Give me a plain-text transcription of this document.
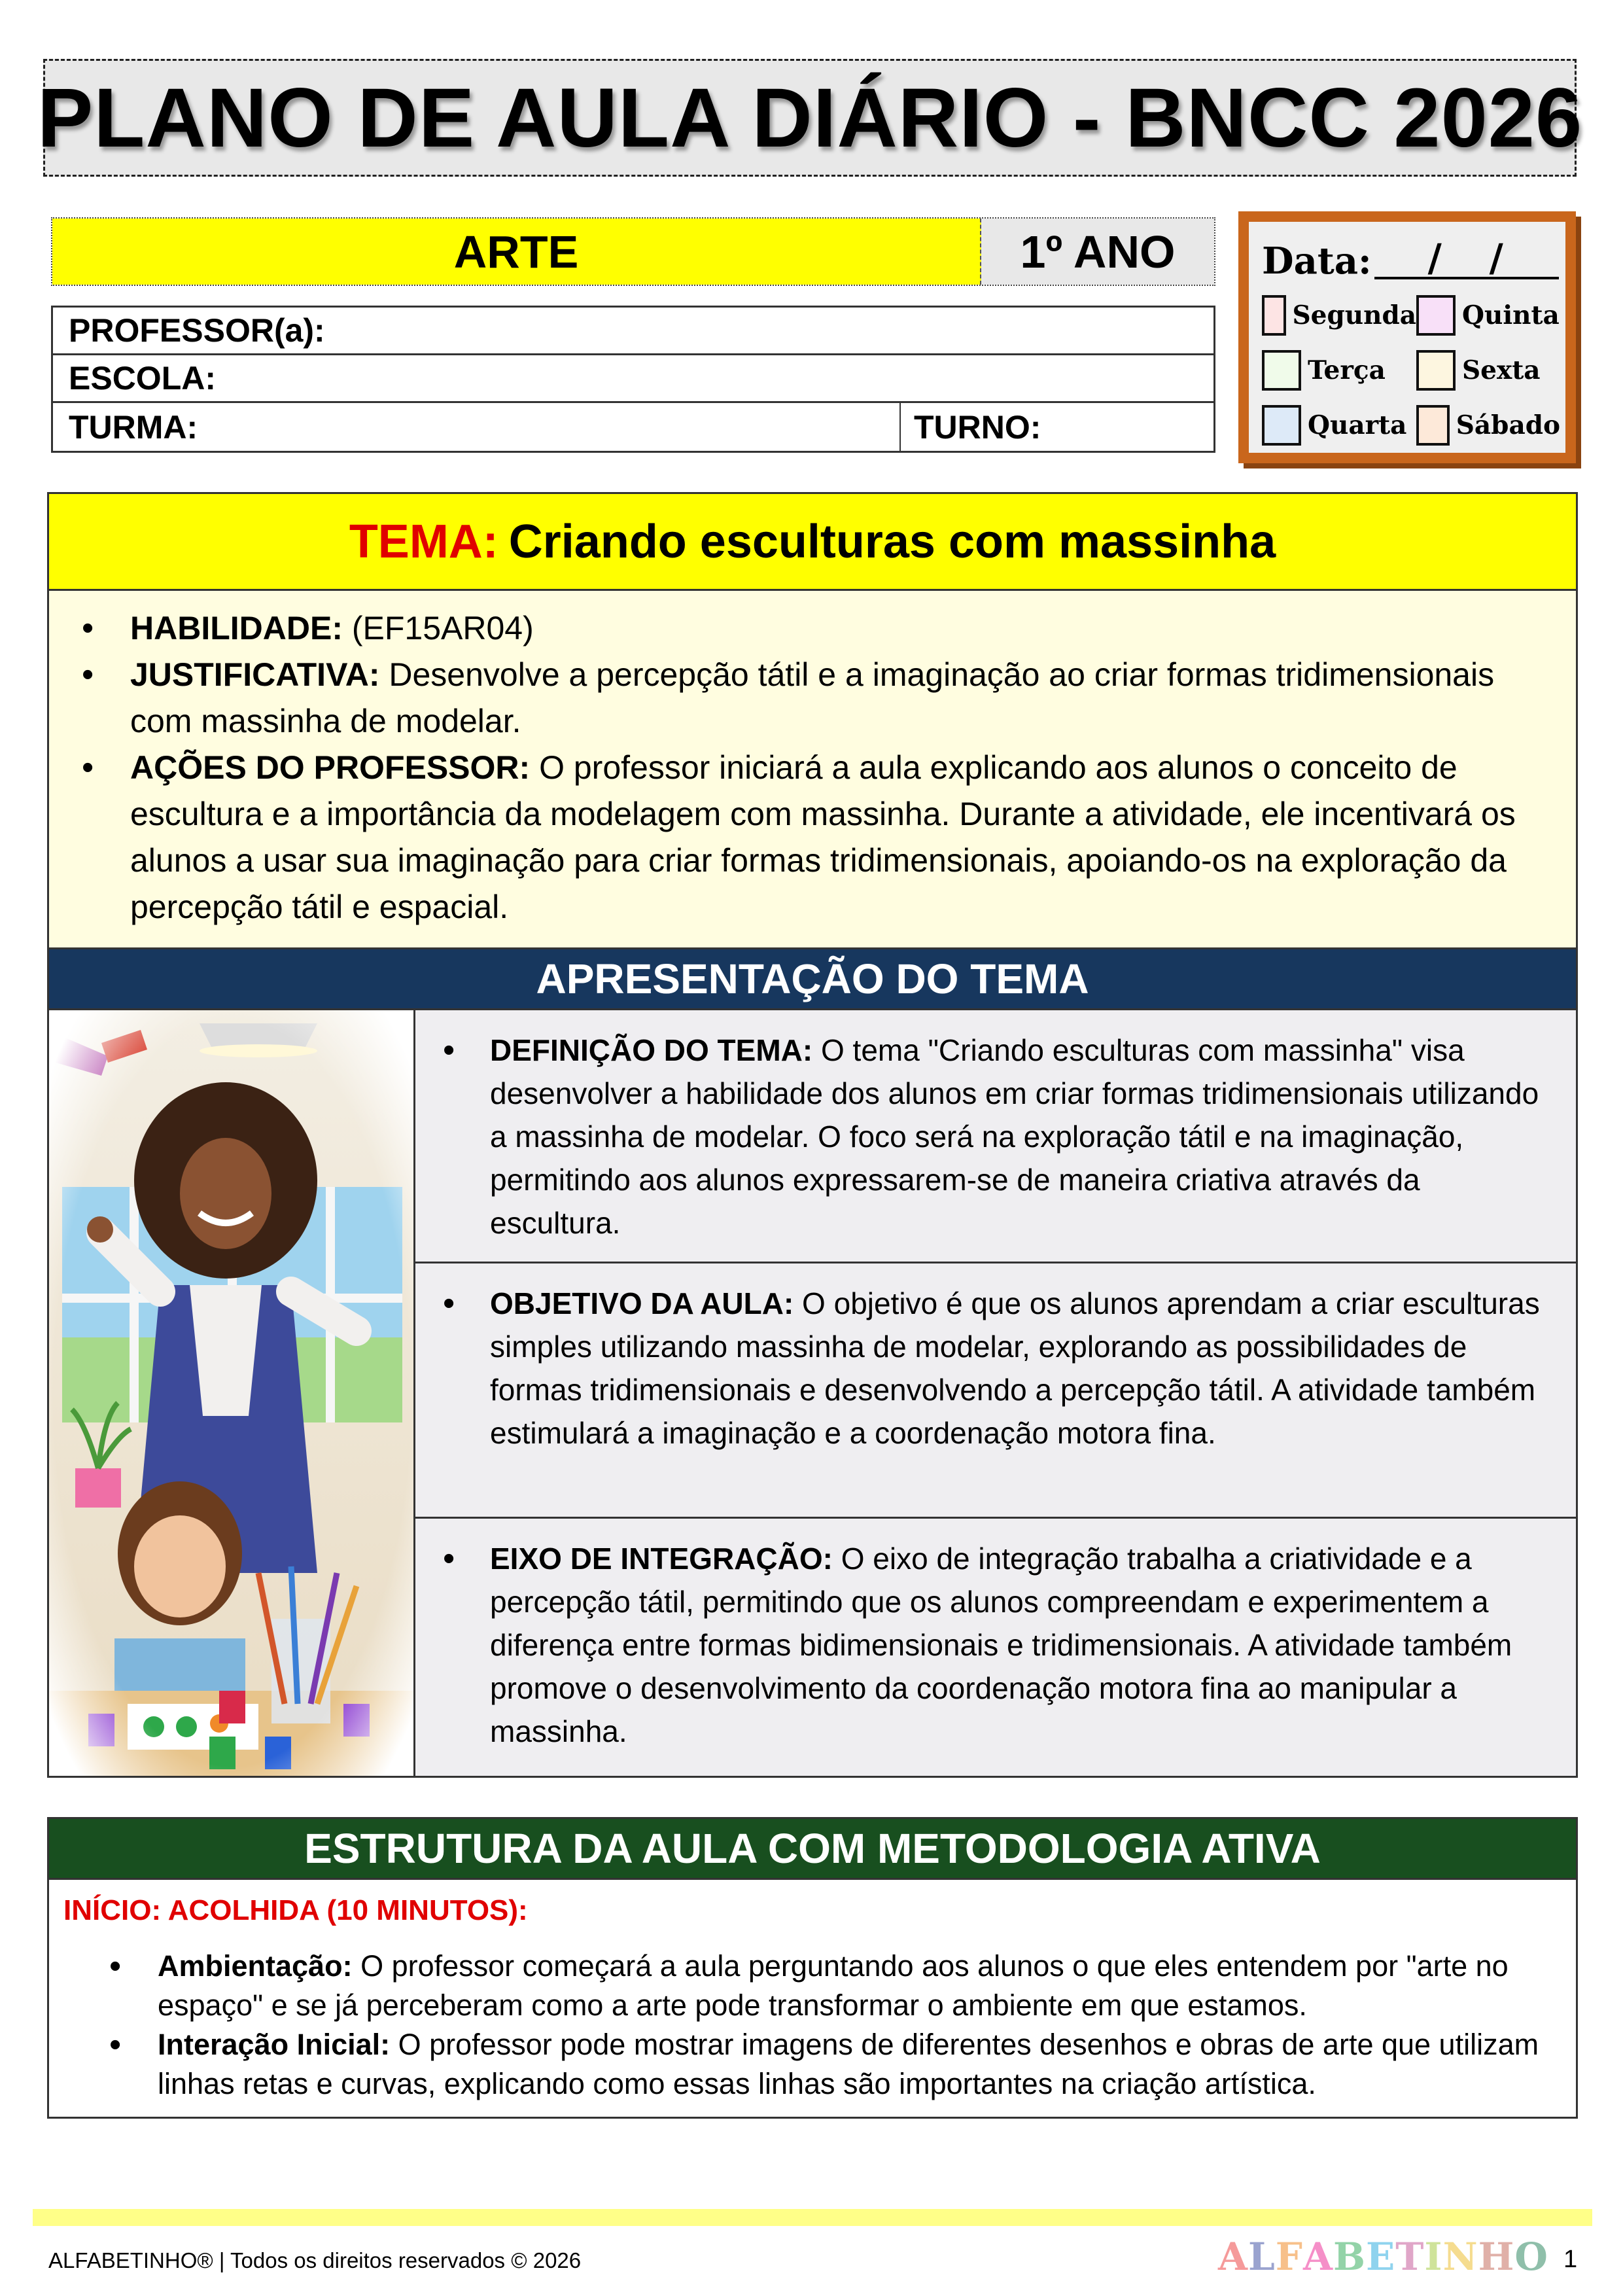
PLANO DE AULA DIÁRIO - BNCC 2026
ARTE	1º ANO
PROFESSOR(a):
ESCOLA:
TURMA:	TURNO:
Data: / /
Segunda Quinta
Terça	Sexta
Quarta Sábado
TEMA: Criando esculturas com massinha
• HABILIDADE: (EF15AR04)
• JUSTIFICATIVA: Desenvolve a percepção tátil e a imaginação ao criar formas tridimensionais com massinha de modelar.
• AÇÕES DO PROFESSOR: O professor iniciará a aula explicando aos alunos o conceito de escultura e a importância da modelagem com massinha. Durante a atividade, ele incentivará os alunos a usar sua imaginação para criar formas tridimensionais, apoiando-os na exploração da percepção tátil e espacial.
APRESENTAÇÃO DO TEMA
• DEFINIÇÃO DO TEMA: O tema "Criando esculturas com massinha" visa desenvolver a habilidade dos alunos em criar formas tridimensionais utilizando a massinha de modelar. O foco será na exploração tátil e na imaginação, permitindo aos alunos expressarem-se de maneira criativa através da escultura.
• OBJETIVO DA AULA: O objetivo é que os alunos aprendam a criar esculturas simples utilizando massinha de modelar, explorando as possibilidades de formas tridimensionais e desenvolvendo a percepção tátil. A atividade também estimulará a imaginação e a coordenação motora fina.
• EIXO DE INTEGRAÇÃO: O eixo de integração trabalha a criatividade e a percepção tátil, permitindo que os alunos compreendam e experimentem a diferença entre formas bidimensionais e tridimensionais. A atividade também promove o desenvolvimento da coordenação motora fina ao manipular a massinha.
ESTRUTURA DA AULA COM METODOLOGIA ATIVA
INÍCIO: ACOLHIDA (10 MINUTOS):
• Ambientação: O professor começará a aula perguntando aos alunos o que eles entendem por "arte no espaço" e se já perceberam como a arte pode transformar o ambiente em que estamos.
• Interação Inicial: O professor pode mostrar imagens de diferentes desenhos e obras de arte que utilizam linhas retas e curvas, explicando como essas linhas são importantes na criação artística.
ALFABETINHO® | Todos os direitos reservados © 2026	A L F A B E T I N H O 1
